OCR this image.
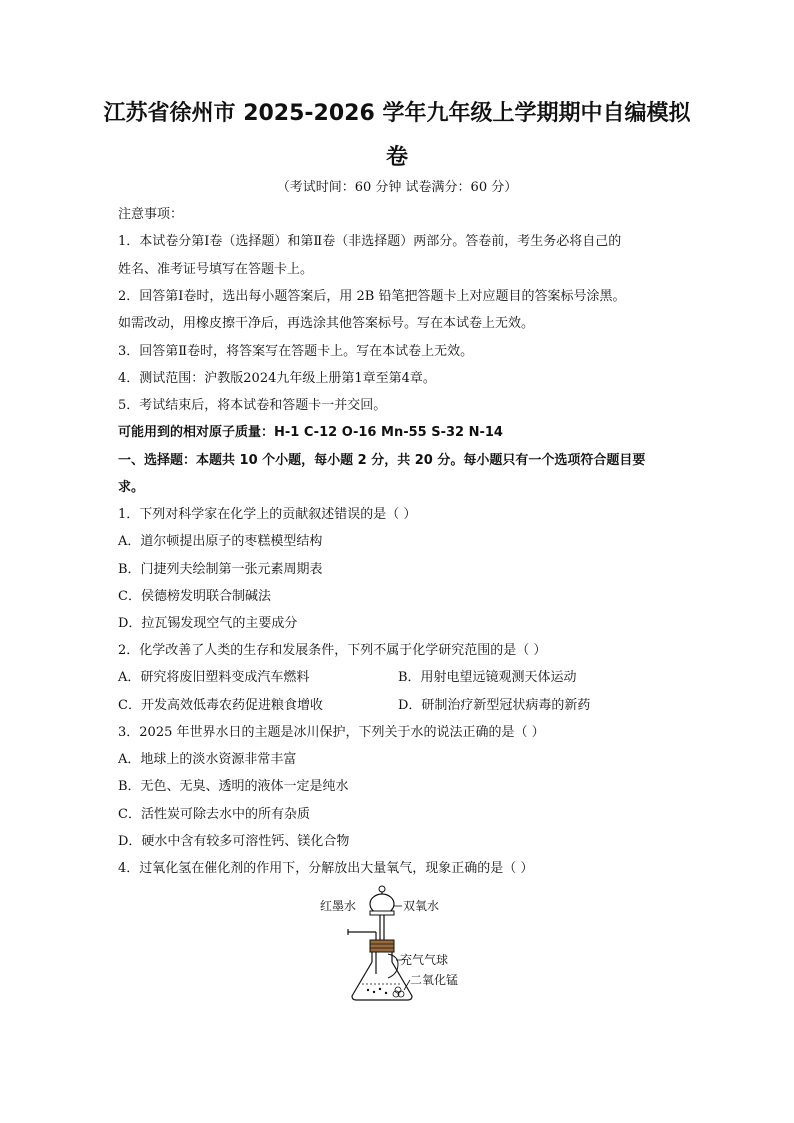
江苏省徐州市 2025-2026 学年九年级上学期期中自编模拟
卷
（考试时间：60 分钟 试卷满分：60 分）
注意事项：
1．本试卷分第Ⅰ卷（选择题）和第Ⅱ卷（非选择题）两部分。答卷前，考生务必将自己的
姓名、准考证号填写在答题卡上。
2．回答第Ⅰ卷时，选出每小题答案后，用 2B 铅笔把答题卡上对应题目的答案标号涂黑。
如需改动，用橡皮擦干净后，再选涂其他答案标号。写在本试卷上无效。
3．回答第Ⅱ卷时，将答案写在答题卡上。写在本试卷上无效。
4．测试范围：沪教版2024九年级上册第1章至第4章。
5．考试结束后，将本试卷和答题卡一并交回。
可能用到的相对原子质量：H-1 C-12 O-16 Mn-55 S-32 N-14
一、选择题：本题共 10 个小题，每小题 2 分，共 20 分。每小题只有一个选项符合题目要
求。
1．下列对科学家在化学上的贡献叙述错误的是（ ）
A．道尔顿提出原子的枣糕模型结构
B．门捷列夫绘制第一张元素周期表
C．侯德榜发明联合制碱法
D．拉瓦锡发现空气的主要成分
2．化学改善了人类的生存和发展条件，下列不属于化学研究范围的是（ ）
A．研究将废旧塑料变成汽车燃料	B．用射电望远镜观测天体运动
C．开发高效低毒农药促进粮食增收	D．研制治疗新型冠状病毒的新药
3．2025 年世界水日的主题是冰川保护，下列关于水的说法正确的是（ ）
A．地球上的淡水资源非常丰富
B．无色、无臭、透明的液体一定是纯水
C．活性炭可除去水中的所有杂质
D．硬水中含有较多可溶性钙、镁化合物
4．过氧化氢在催化剂的作用下，分解放出大量氧气，现象正确的是（ ）
红墨水	双氧水
充气气球
二氧化锰
